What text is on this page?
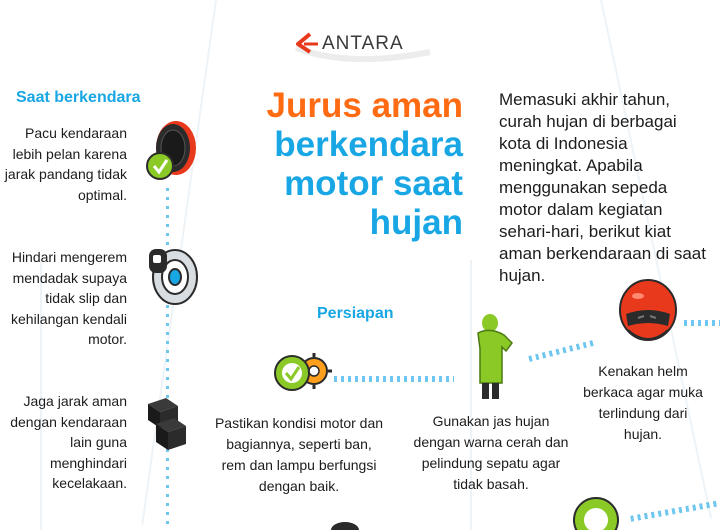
ANTARA
Saat berkendara
Pacu kendaraan lebih pelan karena jarak pandang tidak optimal.
Hindari mengerem mendadak supaya tidak slip dan kehilangan kendali motor.
Jaga jarak aman dengan kendaraan lain guna menghindari kecelakaan.
Jurus aman
berkendara
motor saat
hujan
Memasuki akhir tahun, curah hujan di berbagai kota di Indonesia meningkat. Apabila menggunakan sepeda motor dalam kegiatan sehari-hari, berikut kiat aman berkendaraan di saat hujan.
Persiapan
Pastikan kondisi motor dan bagiannya, seperti ban, rem dan lampu berfungsi dengan baik.
Gunakan jas hujan dengan warna cerah dan pelindung sepatu agar tidak basah.
Kenakan helm berkaca agar muka terlindung dari hujan.
